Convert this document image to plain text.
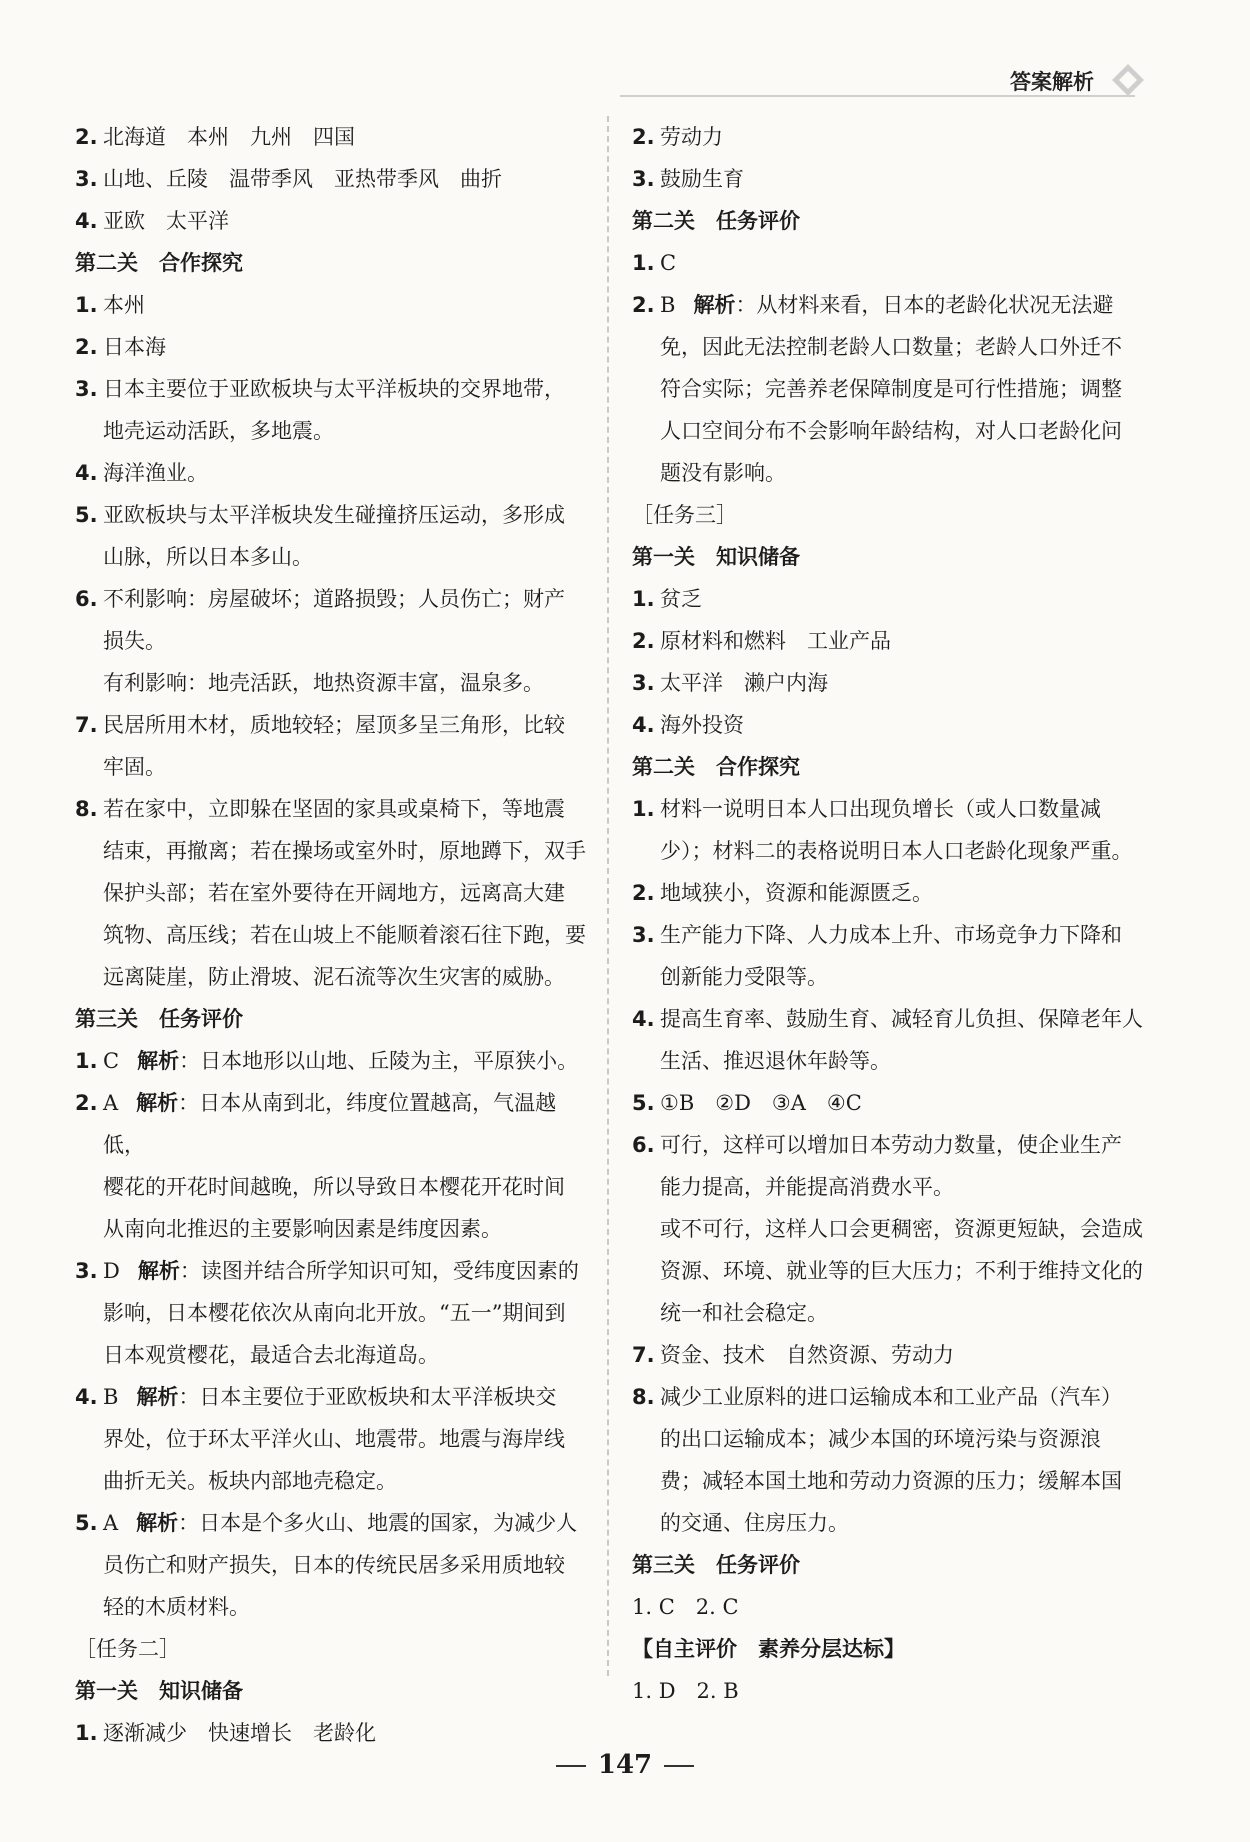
答案解析
2. 北海道　本州　九州　四国
3. 山地、丘陵　温带季风　亚热带季风　曲折
4. 亚欧　太平洋
第二关　合作探究
1. 本州
2. 日本海
3. 日本主要位于亚欧板块与太平洋板块的交界地带，
地壳运动活跃，多地震。
4. 海洋渔业。
5. 亚欧板块与太平洋板块发生碰撞挤压运动，多形成
山脉，所以日本多山。
6. 不利影响：房屋破坏；道路损毁；人员伤亡；财产
损失。
有利影响：地壳活跃，地热资源丰富，温泉多。
7. 民居所用木材，质地较轻；屋顶多呈三角形，比较
牢固。
8. 若在家中，立即躲在坚固的家具或桌椅下，等地震
结束，再撤离；若在操场或室外时，原地蹲下，双手
保护头部；若在室外要待在开阔地方，远离高大建
筑物、高压线；若在山坡上不能顺着滚石往下跑，要
远离陡崖，防止滑坡、泥石流等次生灾害的威胁。
第三关　任务评价
1. C 解析：日本地形以山地、丘陵为主，平原狭小。
2. A 解析：日本从南到北，纬度位置越高，气温越低，
樱花的开花时间越晚，所以导致日本樱花开花时间
从南向北推迟的主要影响因素是纬度因素。
3. D 解析：读图并结合所学知识可知，受纬度因素的
影响，日本樱花依次从南向北开放。“五一”期间到
日本观赏樱花，最适合去北海道岛。
4. B 解析：日本主要位于亚欧板块和太平洋板块交
界处，位于环太平洋火山、地震带。地震与海岸线
曲折无关。板块内部地壳稳定。
5. A 解析：日本是个多火山、地震的国家，为减少人
员伤亡和财产损失，日本的传统民居多采用质地较
轻的木质材料。
［任务二］
第一关　知识储备
1. 逐渐减少　快速增长　老龄化
2. 劳动力
3. 鼓励生育
第二关　任务评价
1. C
2. B 解析：从材料来看，日本的老龄化状况无法避
免，因此无法控制老龄人口数量；老龄人口外迁不
符合实际；完善养老保障制度是可行性措施；调整
人口空间分布不会影响年龄结构，对人口老龄化问
题没有影响。
［任务三］
第一关　知识储备
1. 贫乏
2. 原材料和燃料　工业产品
3. 太平洋　濑户内海
4. 海外投资
第二关　合作探究
1. 材料一说明日本人口出现负增长（或人口数量减
少）；材料二的表格说明日本人口老龄化现象严重。
2. 地域狭小，资源和能源匮乏。
3. 生产能力下降、人力成本上升、市场竞争力下降和
创新能力受限等。
4. 提高生育率、鼓励生育、减轻育儿负担、保障老年人
生活、推迟退休年龄等。
5. ①B　②D　③A　④C
6. 可行，这样可以增加日本劳动力数量，使企业生产
能力提高，并能提高消费水平。
或不可行，这样人口会更稠密，资源更短缺，会造成
资源、环境、就业等的巨大压力；不利于维持文化的
统一和社会稳定。
7. 资金、技术　自然资源、劳动力
8. 减少工业原料的进口运输成本和工业产品（汽车）
的出口运输成本；减少本国的环境污染与资源浪
费；减轻本国土地和劳动力资源的压力；缓解本国
的交通、住房压力。
第三关　任务评价
1. C　2. C
【自主评价　素养分层达标】
1. D　2. B
147
